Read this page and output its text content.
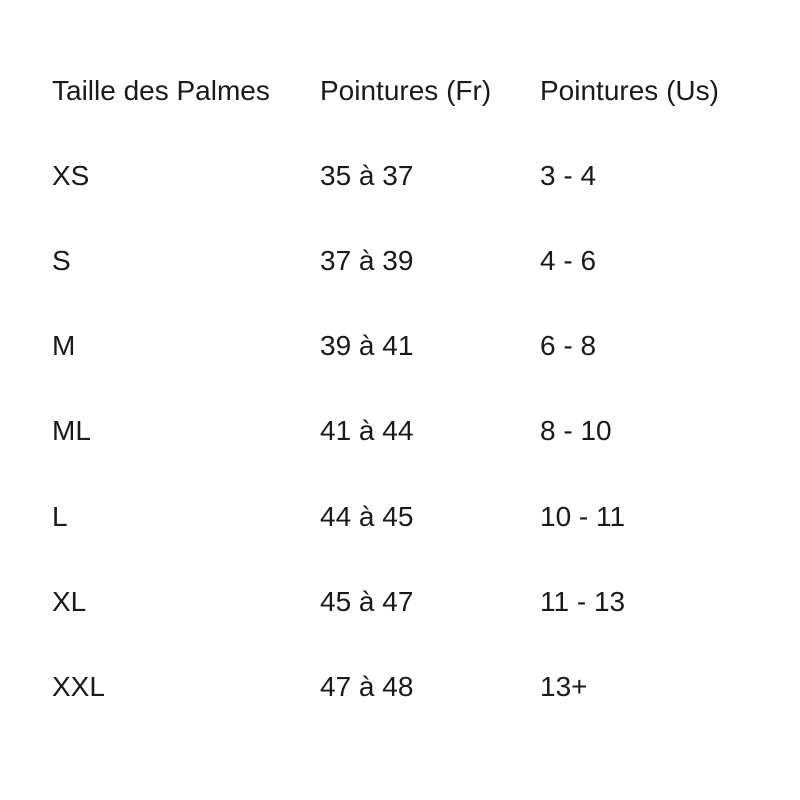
Taille des Palmes	Pointures (Fr)	Pointures (Us)
XS	35 à 37	3 - 4
S	37 à 39	4 - 6
M	39 à 41	6 - 8
ML	41 à 44	8 - 10
L	44 à 45	10 - 11
XL	45 à 47	11 - 13
XXL	47 à 48	13+
